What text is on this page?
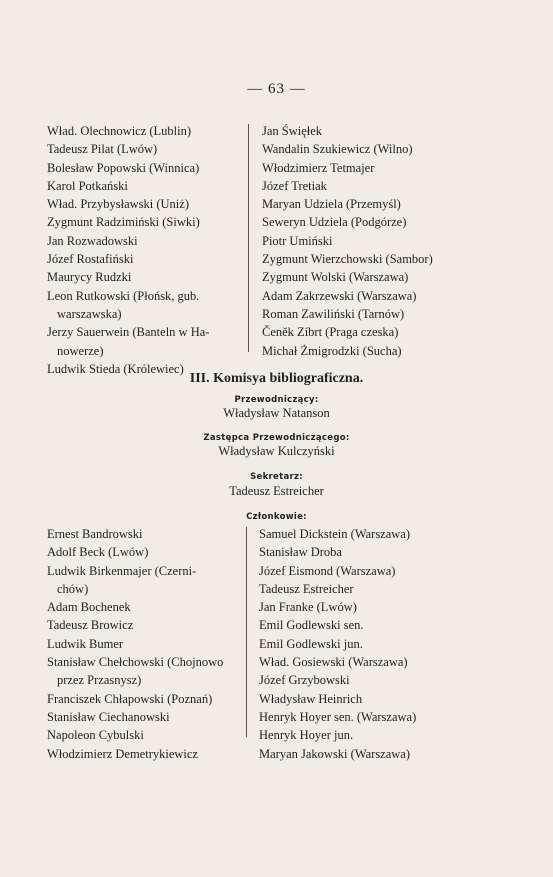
— 63 —

Wład. Olechnowicz (Lublin)

Tadeusz Pilat (Lwów)

Bolesław Popowski (Winnica)

Karol Potkański

Wład. Przybysławski (Uniż)

Zygmunt Radzimiński (Siwki)

Jan Rozwadowski

Józef Rostafiński

Maurycy Rudzki

Leon Rutkowski (Płońsk, gub.

warszawska)

Jerzy Sauerwein (Banteln w Ha-

nowerze)

Ludwik Stieda (Królewiec)

Jan Święłek

Wandalin Szukiewicz (Wilno)

Włodzimierz Tetmajer

Józef Tretiak

Maryan Udziela (Przemyśl)

Seweryn Udziela (Podgórze)

Piotr Umiński

Zygmunt Wierzchowski (Sambor)

Zygmunt Wolski (Warszawa)

Adam Zakrzewski (Warszawa)

Roman Zawiliński (Tarnów)

Čeněk Zíbrt (Praga czeska)

Michał Żmigrodzki (Sucha)

III. Komisya bibliograficzna.
Przewodniczący:
Władysław Natanson
Zastępca Przewodniczącego:
Władysław Kulczyński
Sekretarz:
Tadeusz Estreicher
Członkowie:

Ernest Bandrowski

Adolf Beck (Lwów)

Ludwik Birkenmajer (Czerni-

chów)

Adam Bochenek

Tadeusz Browicz

Ludwik Bumer

Stanisław Chełchowski (Chojnowo

przez Przasnysz)

Franciszek Chłapowski (Poznań)

Stanisław Ciechanowski

Napoleon Cybulski

Włodzimierz Demetrykiewicz

Samuel Dickstein (Warszawa)

Stanisław Droba

Józef Eismond (Warszawa)

Tadeusz Estreicher

Jan Franke (Lwów)

Emil Godlewski sen.

Emil Godlewski jun.

Wład. Gosiewski (Warszawa)

Józef Grzybowski

Władysław Heinrich

Henryk Hoyer sen. (Warszawa)

Henryk Hoyer jun.

Maryan Jakowski (Warszawa)
